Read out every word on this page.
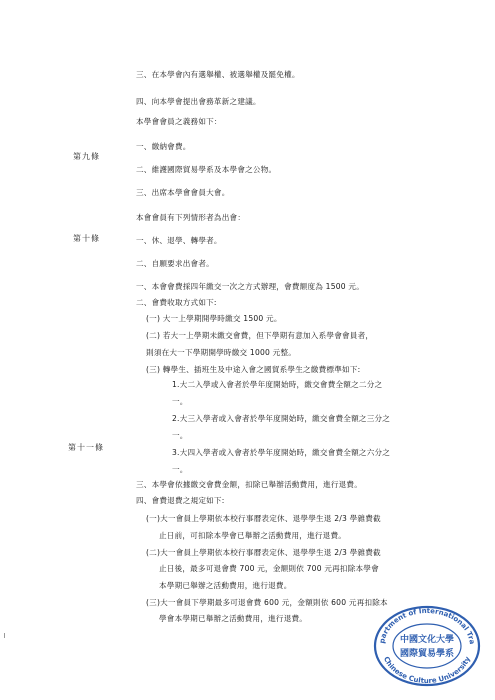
第九條
第十條
第十一條
三、在本學會內有選舉權、被選舉權及罷免權。
四、向本學會提出會務革新之建議。
本學會會員之義務如下：
一、繳納會費。
二、維護國際貿易學系及本學會之公物。
三、出席本學會會員大會。
本會會員有下列情形者為出會：
一、休、退學、轉學者。
二、自願要求出會者。
一、本會會費採四年繳交一次之方式辦理，會費額度為 1500 元。
二、會費收取方式如下:
(一) 大一上學期開學時繳交 1500 元。
(二) 若大一上學期未繳交會費，但下學期有意加入系學會會員者，
則須在大一下學期開學時繳交 1000 元整。
(三) 轉學生、插班生及中途入會之國貿系學生之繳費標準如下:
1.大二入學或入會者於學年度開始時，繳交會費全額之二分之
一。
2.大三入學者或入會者於學年度開始時，繳交會費全額之三分之
一。
3.大四入學者或入會者於學年度開始時，繳交會費全額之六分之
一。
三、本學會依據繳交會費金額，扣除已舉辦活動費用，進行退費。
四、會費退費之規定如下:
(一)大一會員上學期依本校行事曆表定休、退學學生退 2/3 學雜費截
止日前，可扣除本學會已舉辦之活動費用，進行退費。
(二)大一會員上學期依本校行事曆表定休、退學學生退 2/3 學雜費截
止日後，最多可退會費 700 元，金額則依 700 元再扣除本學會
本學期已舉辦之活動費用，進行退費。
(三)大一會員下學期最多可退會費 600 元，金額則依 600 元再扣除本
學會本學期已舉辦之活動費用，進行退費。
partment of International Tra
Chinese Culture University
中國文化大學
國際貿易學系
